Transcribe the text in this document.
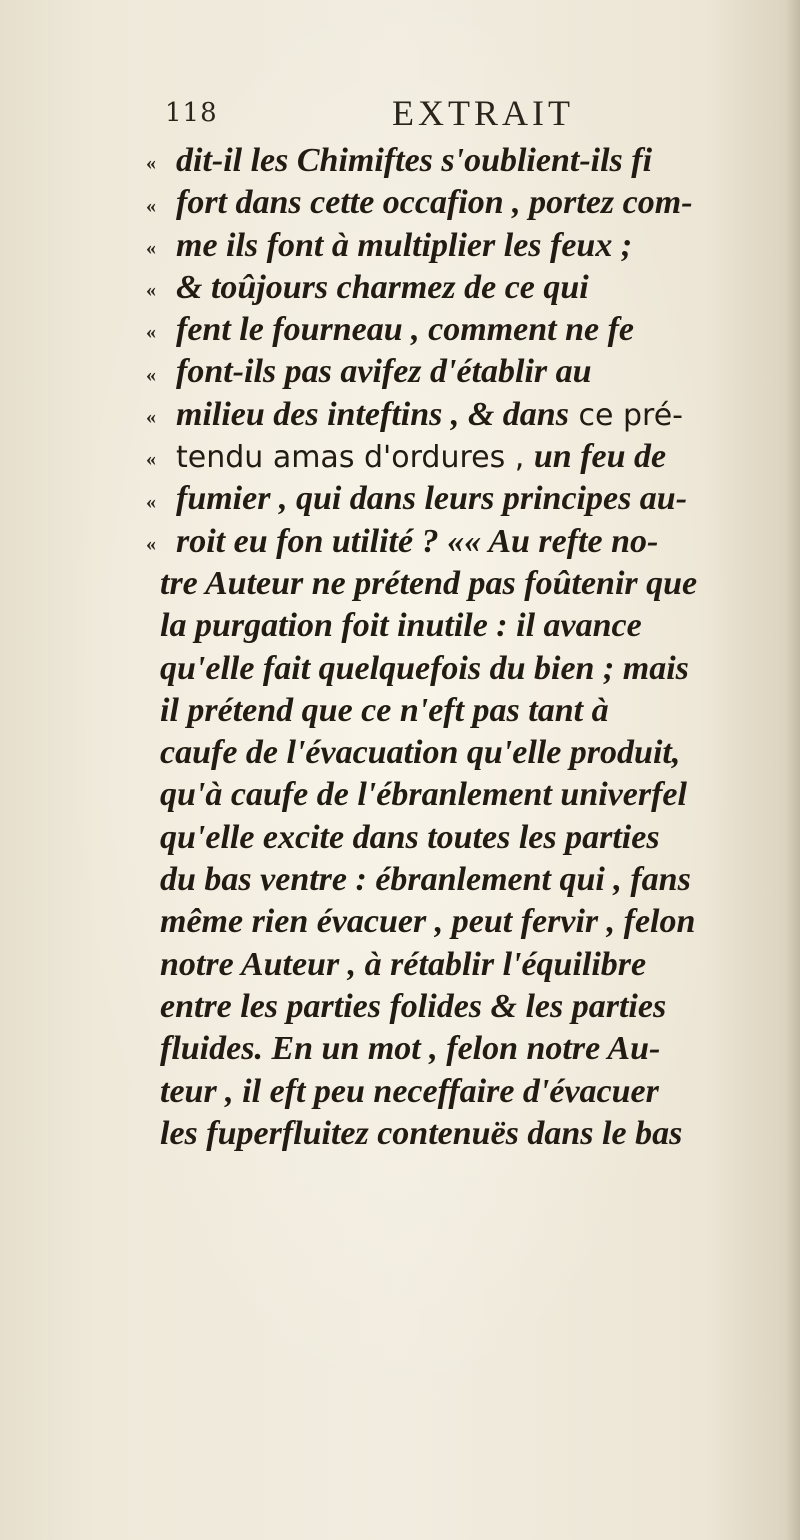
118	EXTRAIT
« dit-il les Chimiftes s'oublient-ils fi
« fort dans cette occafion , portez com-
« me ils font à multiplier les feux ;
« & toûjours charmez de ce qui
« fent le fourneau , comment ne fe
« font-ils pas avifez d'établir au
« milieu des inteftins , & dans ce pré-
« tendu amas d'ordures , un feu de
« fumier , qui dans leurs principes au-
« roit eu fon utilité ? «« Au refte no-
tre Auteur ne prétend pas foûtenir que
la purgation foit inutile : il avance
qu'elle fait quelquefois du bien ; mais
il prétend que ce n'eft pas tant à
caufe de l'évacuation qu'elle produit,
qu'à caufe de l'ébranlement univerfel
qu'elle excite dans toutes les parties
du bas ventre : ébranlement qui , fans
même rien évacuer , peut fervir , felon
notre Auteur , à rétablir l'équilibre
entre les parties folides & les parties
fluides. En un mot , felon notre Au-
teur , il eft peu neceffaire d'évacuer
les fuperfluitez contenuës dans le bas
